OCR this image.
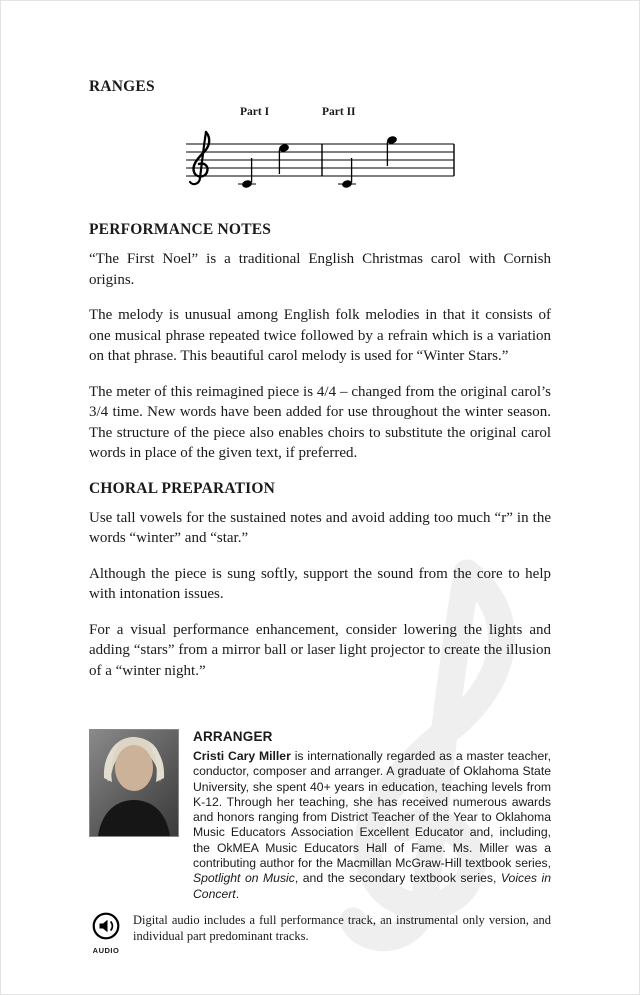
RANGES
Part I	Part II
PERFORMANCE NOTES

“The First Noel” is a traditional English Christmas carol with Cornish origins.

The melody is unusual among English folk melodies in that it consists of one musical phrase repeated twice followed by a refrain which is a variation on that phrase. This beautiful carol melody is used for “Winter Stars.”

The meter of this reimagined piece is 4/4 – changed from the original carol’s 3/4 time. New words have been added for use throughout the winter season. The structure of the piece also enables choirs to substitute the original carol words in place of the given text, if preferred.

CHORAL PREPARATION

Use tall vowels for the sustained notes and avoid adding too much “r” in the words “winter” and “star.”

Although the piece is sung softly, support the sound from the core to help with intonation issues.

For a visual performance enhancement, consider lowering the lights and adding “stars” from a mirror ball or laser light projector to create the illusion of a “winter night.”

ARRANGER

Cristi Cary Miller is internationally regarded as a master teacher, conductor, composer and arranger. A graduate of Oklahoma State University, she spent 40+ years in education, teaching levels from K-12. Through her teaching, she has received numerous awards and honors ranging from District Teacher of the Year to Oklahoma Music Educators Association Excellent Educator and, including, the OkMEA Music Educators Hall of Fame. Ms. Miller was a contributing author for the Macmillan McGraw-Hill textbook series, Spotlight on Music, and the secondary textbook series, Voices in Concert.

AUDIO

Digital audio includes a full performance track, an instrumental only version, and individual part predominant tracks.
